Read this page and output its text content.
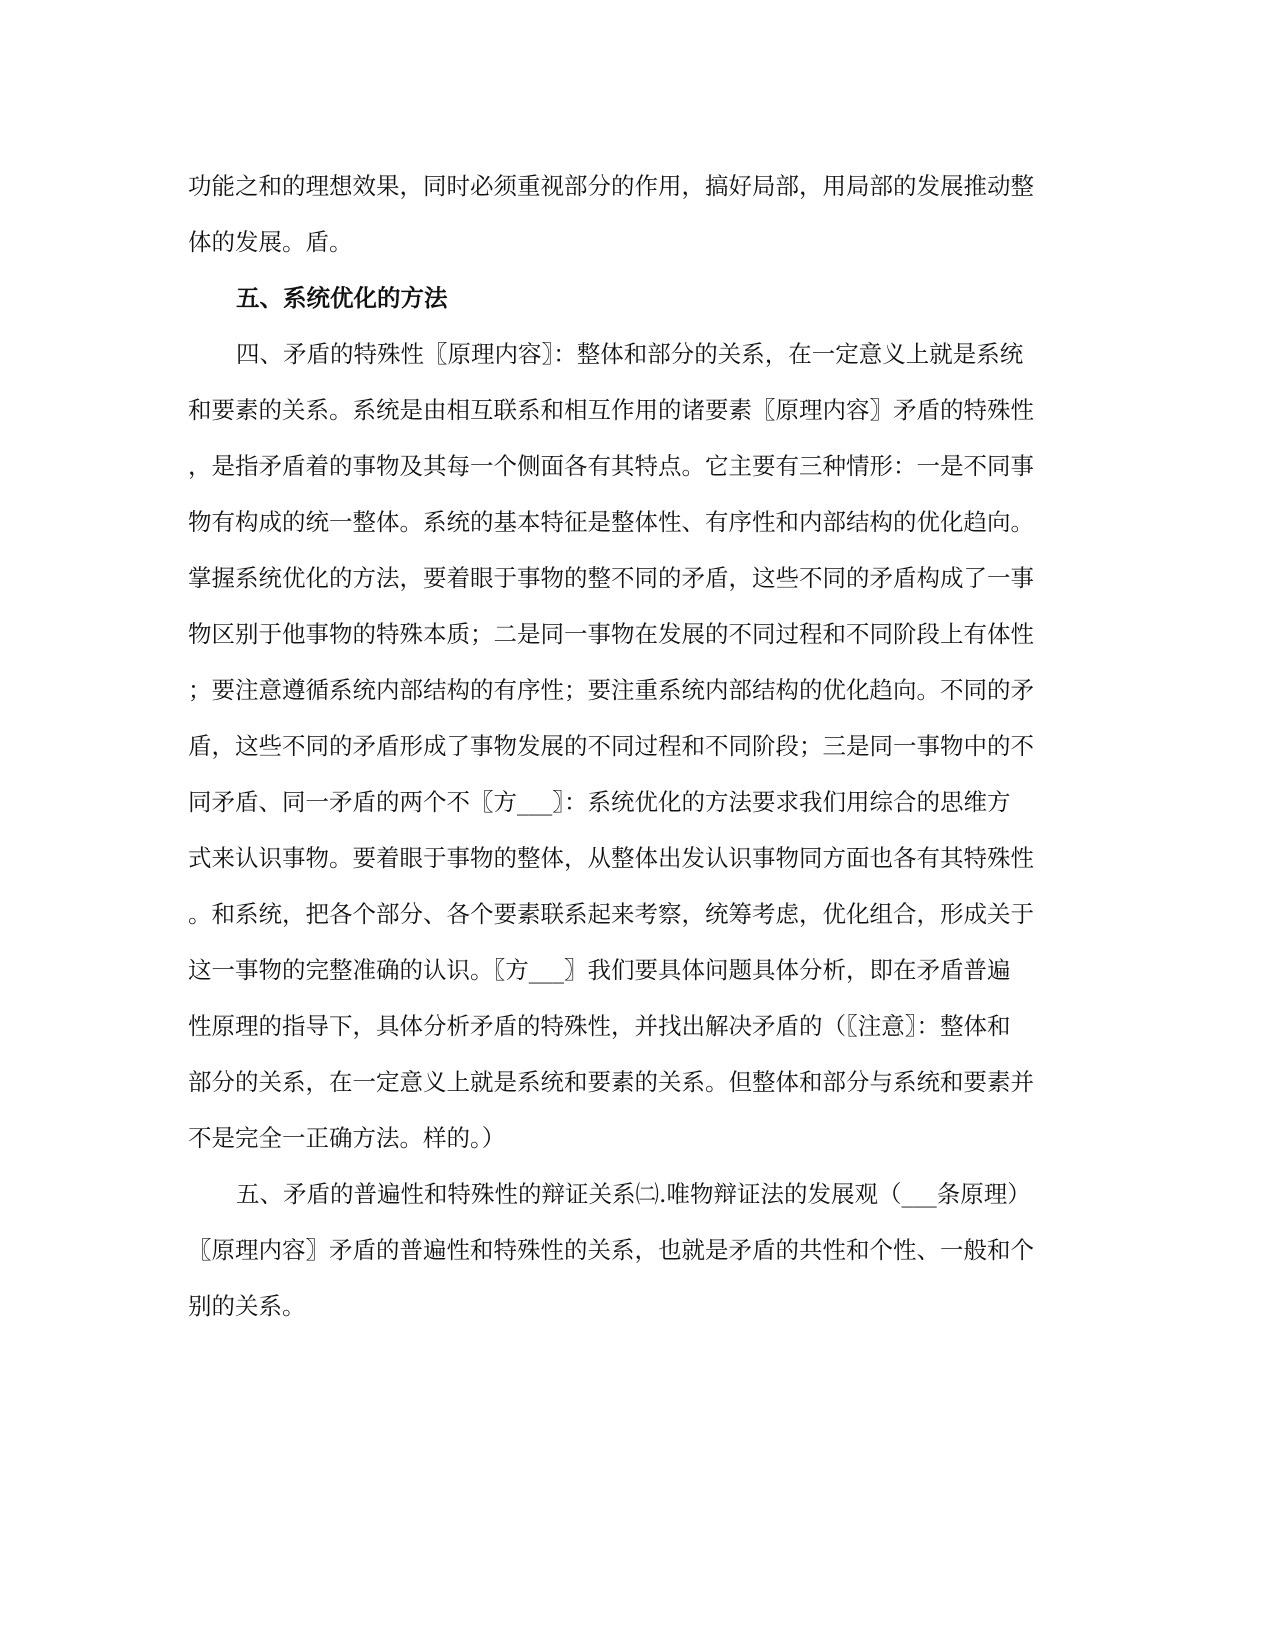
功能之和的理想效果，同时必须重视部分的作用，搞好局部，用局部的发展推动整
体的发展。盾。
五、系统优化的方法
四、矛盾的特殊性〖原理内容〗：整体和部分的关系，在一定意义上就是系统
和要素的关系。系统是由相互联系和相互作用的诸要素〖原理内容〗矛盾的特殊性
，是指矛盾着的事物及其每一个侧面各有其特点。它主要有三种情形：一是不同事
物有构成的统一整体。系统的基本特征是整体性、有序性和内部结构的优化趋向。
掌握系统优化的方法，要着眼于事物的整不同的矛盾，这些不同的矛盾构成了一事
物区别于他事物的特殊本质；二是同一事物在发展的不同过程和不同阶段上有体性
；要注意遵循系统内部结构的有序性；要注重系统内部结构的优化趋向。不同的矛
盾，这些不同的矛盾形成了事物发展的不同过程和不同阶段；三是同一事物中的不
同矛盾、同一矛盾的两个不〖方___〗：系统优化的方法要求我们用综合的思维方
式来认识事物。要着眼于事物的整体，从整体出发认识事物同方面也各有其特殊性
。和系统，把各个部分、各个要素联系起来考察，统筹考虑，优化组合，形成关于
这一事物的完整准确的认识。〖方___〗我们要具体问题具体分析，即在矛盾普遍
性原理的指导下，具体分析矛盾的特殊性，并找出解决矛盾的（〖注意〗：整体和
部分的关系，在一定意义上就是系统和要素的关系。但整体和部分与系统和要素并
不是完全一正确方法。样的。）
五、矛盾的普遍性和特殊性的辩证关系㈡.唯物辩证法的发展观（___条原理）
〖原理内容〗矛盾的普遍性和特殊性的关系，也就是矛盾的共性和个性、一般和个
别的关系。
